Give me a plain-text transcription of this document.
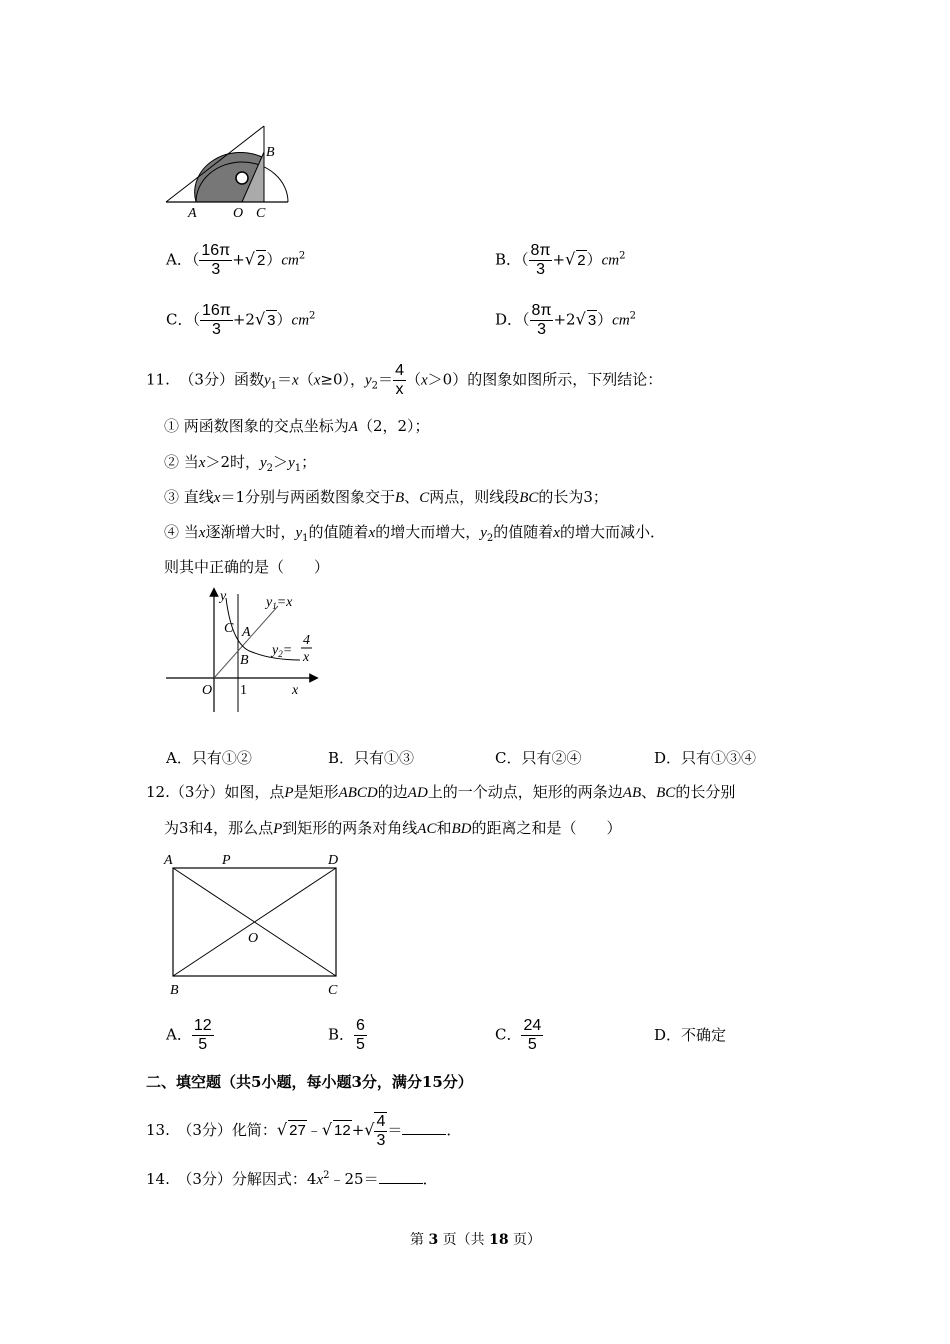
A	O C
B
A．（ $\frac{16\pi}{3}$ +√ $2)cm^2$	B．（ $\frac{8\pi}{3}$ +√ $2)cm^2$
C．（ $\frac{16\pi}{3} +2√$ $3)cm^2$	D．（ $\frac{8\pi}{3} +2√$ $3)cm^2$
11. （3分）函数$y_1=x(x\ge 0)$，$y_2= \frac{4}{x} (x>0)$的图象如图所示，下列结论：
① 两函数图象的交点坐标为A（2，2）；
② 当x＞2时，$y_2>y_1$；
③ 直线x＝1分别与两函数图象交于B、C两点，则线段BC的长为3；
④ 当x逐渐增大时，$y_1$的值随着x的增大而增大，$y_2$的值随着x的增大而减小．
则其中正确的是（　　）
y
x
O 1
C A
B
$y_1=x$
$y_2=$
4
x
A．只有①②	B．只有①③	C．只有②④	D．只有①③④
12.（3分）如图，点P是矩形ABCD的边AD上的一个动点，矩形的两条边AB、BC的长分别
为3和4，那么点P到矩形的两条对角线AC和BD的距离之和是（　　）
A	P	D
O
B	C
A． $\frac{12}{5}$	B． $\frac{6}{5}$	C． $\frac{24}{5}$	D．不确定
二、填空题（共5小题，每小题3分，满分15分）
13.　（3分）化简：√ 27﹣√ $12+√ \frac{4}{3}$ ＝	．
14.　（3分）分解因式：$4x^2﹣25=$	．
第 3 页（共 18 页）
